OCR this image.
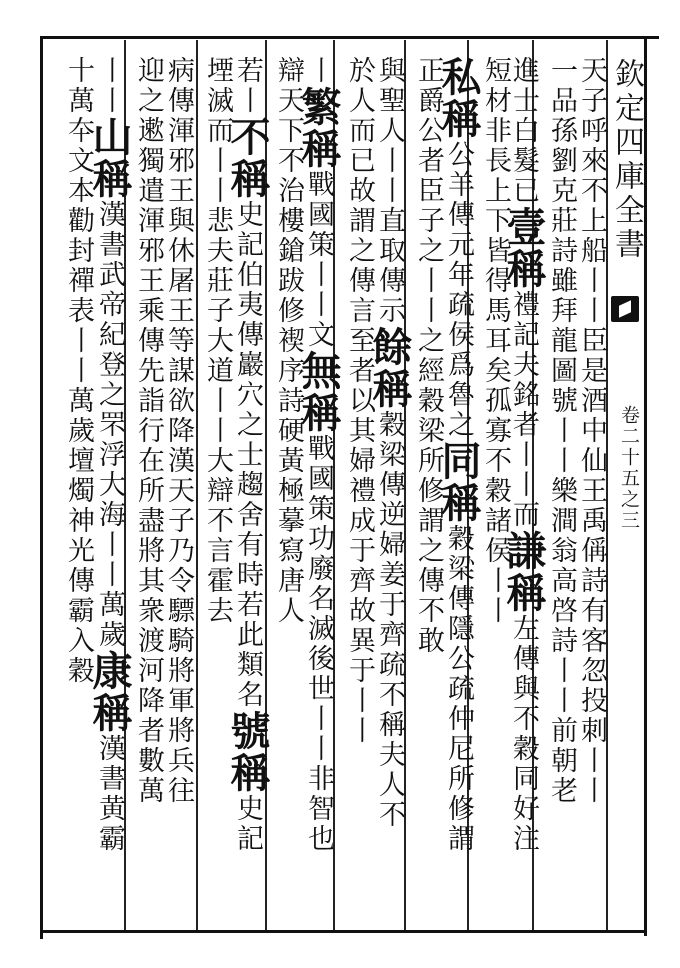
欽定四庫全書
卷二十五之三
天子呼來不上船丨丨臣是酒中仙王禹偁詩有客忽投刺丨丨
一品孫劉克莊詩雖拜龍圖號丨丨樂澗翁高啓詩丨丨前朝老
進士白髮已壹稱禮記夫銘者丨丨而謙稱左傳與不穀同好注
短材非長上下皆得馬耳矣孤寡不穀諸侯丨丨
私稱公羊傳元年疏侯爲魯之同稱穀梁傳隱公疏仲尼所修謂
正爵公者臣子之丨丨之經穀梁所修謂之傳不敢
與聖人丨丨直取傳示餘稱穀梁傳逆婦姜于齊疏不稱夫人不
於人而已故謂之傳言至者以其婦禮成于齊故異于丨丨
丨繁稱戰國策丨丨文無稱戰國策功廢名滅後世丨丨非智也
辯天下不治樓鎗跋修褉序詩硬黃極摹寫唐人
若丨不稱史記伯夷傳巖穴之士趨舍有時若此類名號稱史記
堙滅而丨丨悲夫莊子大道丨丨大辯不言霍去
病傳渾邪王與休屠王等謀欲降漢天子乃令驃騎將軍將兵往
迎之遬獨遣渾邪王乘傳先詣行在所盡將其衆渡河降者數萬
丨丨山稱漢書武帝紀登之罘浮大海丨丨萬歲康稱漢書黄霸
十萬夲文本勸封禪表丨丨萬歲壇燭神光傳霸入穀
